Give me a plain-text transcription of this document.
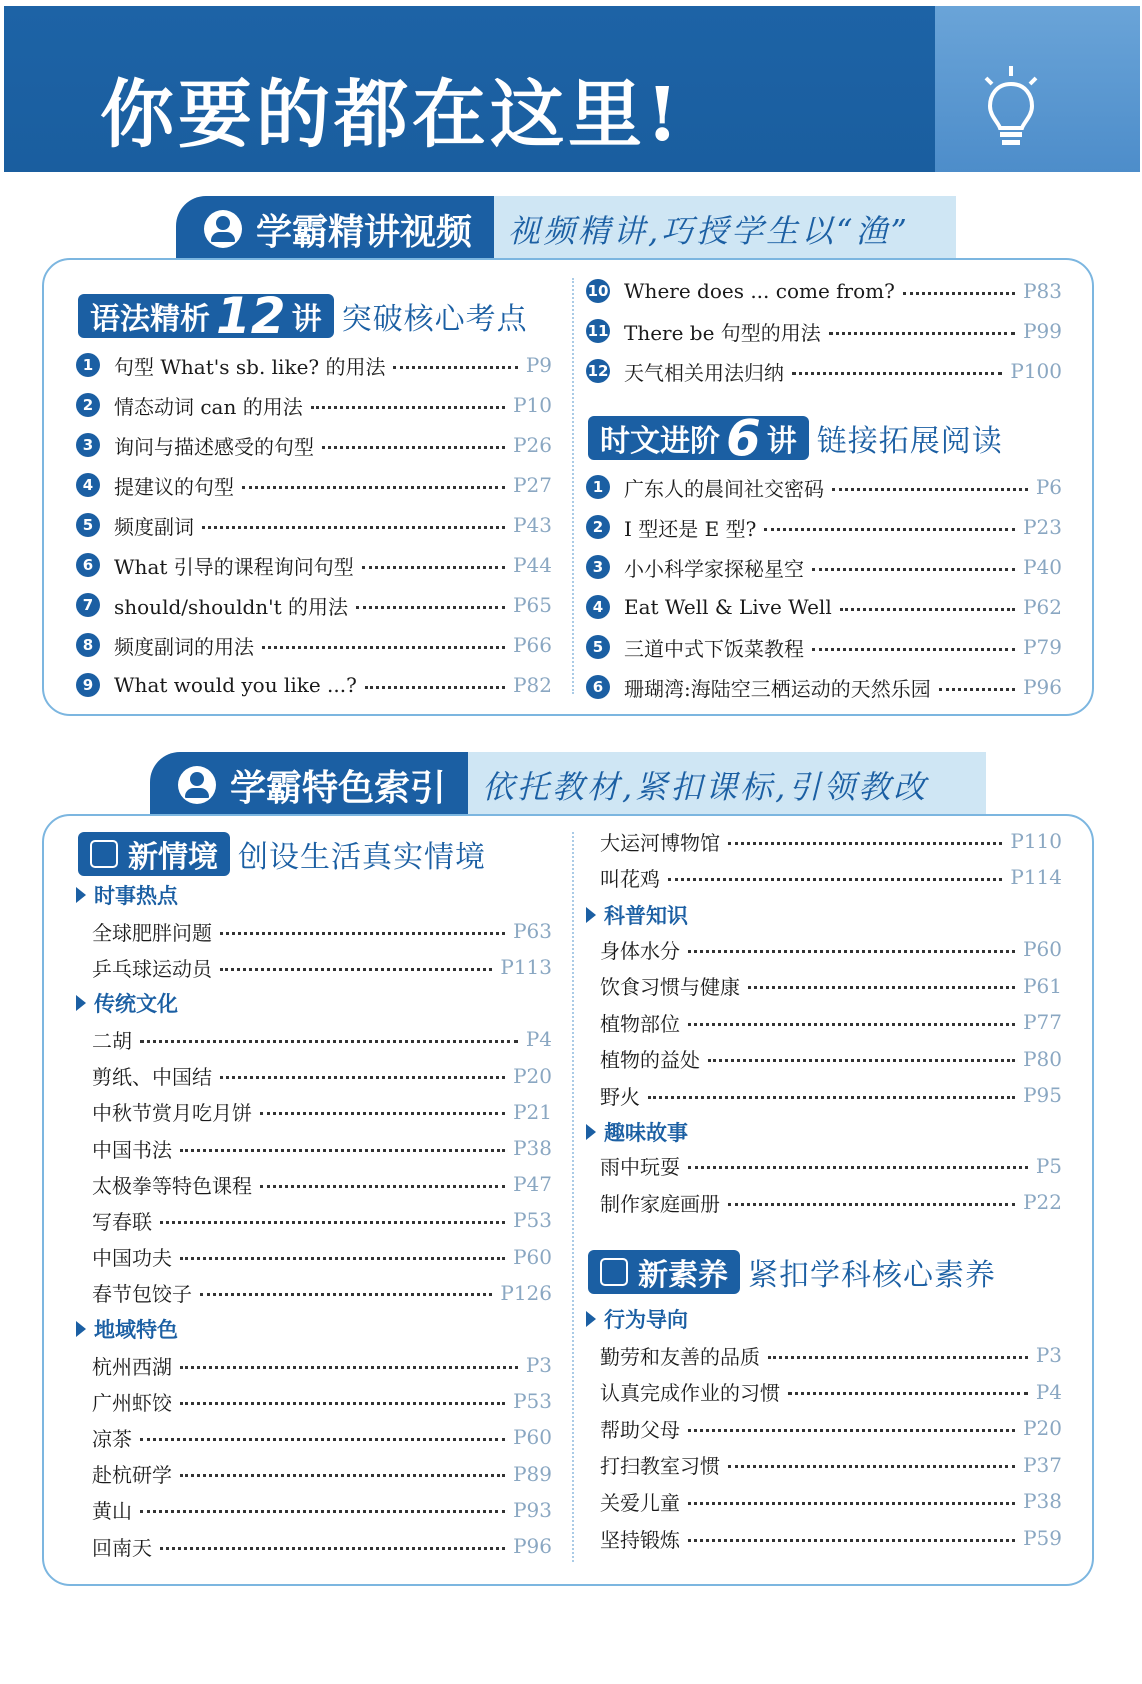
你要的都在这里!
视频精讲,巧授学生以“渔”
学霸精讲视频
语法精析 12 讲 突破核心考点
1	句型 What's sb. like? 的用法	P9
2	情态动词 can 的用法	P10
3	询问与描述感受的句型	P26
4	提建议的句型	P27
5	频度副词	P43
6	What 引导的课程询问句型	P44
7	should/shouldn't 的用法	P65
8	频度副词的用法	P66
9	What would you like ...?	P82
10 Where does ... come from?	P83
11 There be 句型的用法	P99
12 天气相关用法归纳	P100
时文进阶 6 讲 链接拓展阅读
1	广东人的晨间社交密码	P6
2	I 型还是 E 型?	P23
3	小小科学家探秘星空	P40
4	Eat Well & Live Well	P62
5	三道中式下饭菜教程	P79
6	珊瑚湾:海陆空三栖运动的天然乐园	P96
依托教材,紧扣课标,引领教改
学霸特色索引
新情境 创设生活真实情境
时事热点
全球肥胖问题	P63
乒乓球运动员	P113
传统文化
二胡	P4
剪纸、中国结	P20
中秋节赏月吃月饼	P21
中国书法	P38
太极拳等特色课程	P47
写春联	P53
中国功夫	P60
春节包饺子	P126
地域特色
杭州西湖	P3
广州虾饺	P53
凉茶	P60
赴杭研学	P89
黄山	P93
回南天	P96
大运河博物馆	P110
叫花鸡	P114
科普知识
身体水分	P60
饮食习惯与健康	P61
植物部位	P77
植物的益处	P80
野火	P95
趣味故事
雨中玩耍	P5
制作家庭画册	P22
新素养 紧扣学科核心素养
行为导向
勤劳和友善的品质	P3
认真完成作业的习惯	P4
帮助父母	P20
打扫教室习惯	P37
关爱儿童	P38
坚持锻炼	P59
